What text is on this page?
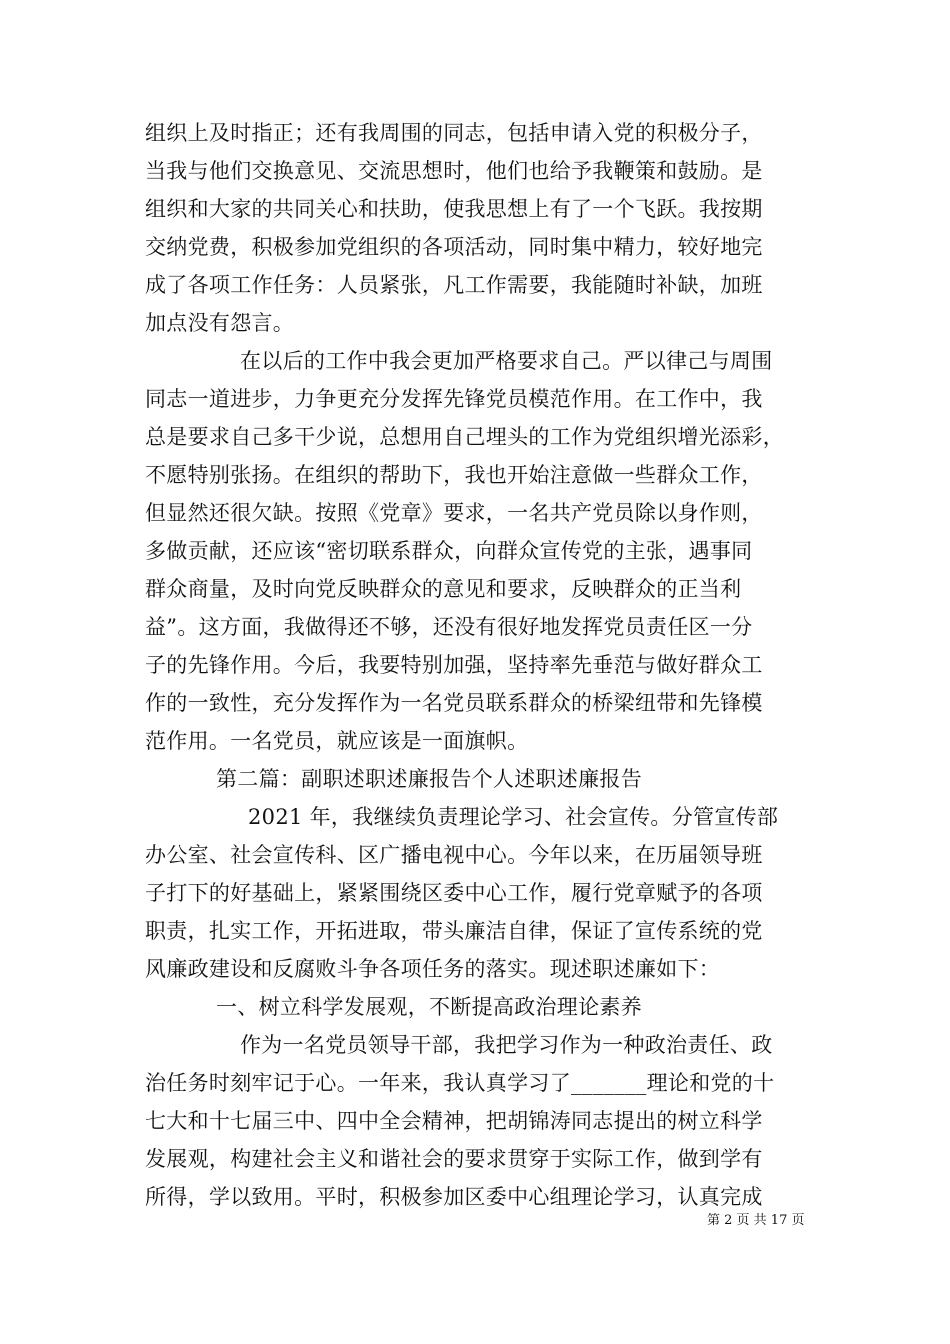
组织上及时指正；还有我周围的同志，包括申请入党的积极分子，
当我与他们交换意见、交流思想时，他们也给予我鞭策和鼓励。是
组织和大家的共同关心和扶助，使我思想上有了一个飞跃。我按期
交纳党费，积极参加党组织的各项活动，同时集中精力，较好地完
成了各项工作任务：人员紧张，凡工作需要，我能随时补缺，加班
加点没有怨言。
在以后的工作中我会更加严格要求自己。严以律己与周围
同志一道进步，力争更充分发挥先锋党员模范作用。在工作中，我
总是要求自己多干少说，总想用自己埋头的工作为党组织增光添彩，
不愿特别张扬。在组织的帮助下，我也开始注意做一些群众工作，
但显然还很欠缺。按照《党章》要求，一名共产党员除以身作则，
多做贡献，还应该“密切联系群众，向群众宣传党的主张，遇事同
群众商量，及时向党反映群众的意见和要求，反映群众的正当利
益”。这方面，我做得还不够，还没有很好地发挥党员责任区一分
子的先锋作用。今后，我要特别加强，坚持率先垂范与做好群众工
作的一致性，充分发挥作为一名党员联系群众的桥梁纽带和先锋模
范作用。一名党员，就应该是一面旗帜。
第二篇：副职述职述廉报告个人述职述廉报告
2021 年，我继续负责理论学习、社会宣传。分管宣传部
办公室、社会宣传科、区广播电视中心。今年以来，在历届领导班
子打下的好基础上，紧紧围绕区委中心工作，履行党章赋予的各项
职责，扎实工作，开拓进取，带头廉洁自律，保证了宣传系统的党
风廉政建设和反腐败斗争各项任务的落实。现述职述廉如下：
一、树立科学发展观，不断提高政治理论素养
作为一名党员领导干部，我把学习作为一种政治责任、政
治任务时刻牢记于心。一年来，我认真学习了_______理论和党的十
七大和十七届三中、四中全会精神，把胡锦涛同志提出的树立科学
发展观，构建社会主义和谐社会的要求贯穿于实际工作，做到学有
所得，学以致用。平时，积极参加区委中心组理论学习，认真完成
第 2 页 共 17 页
